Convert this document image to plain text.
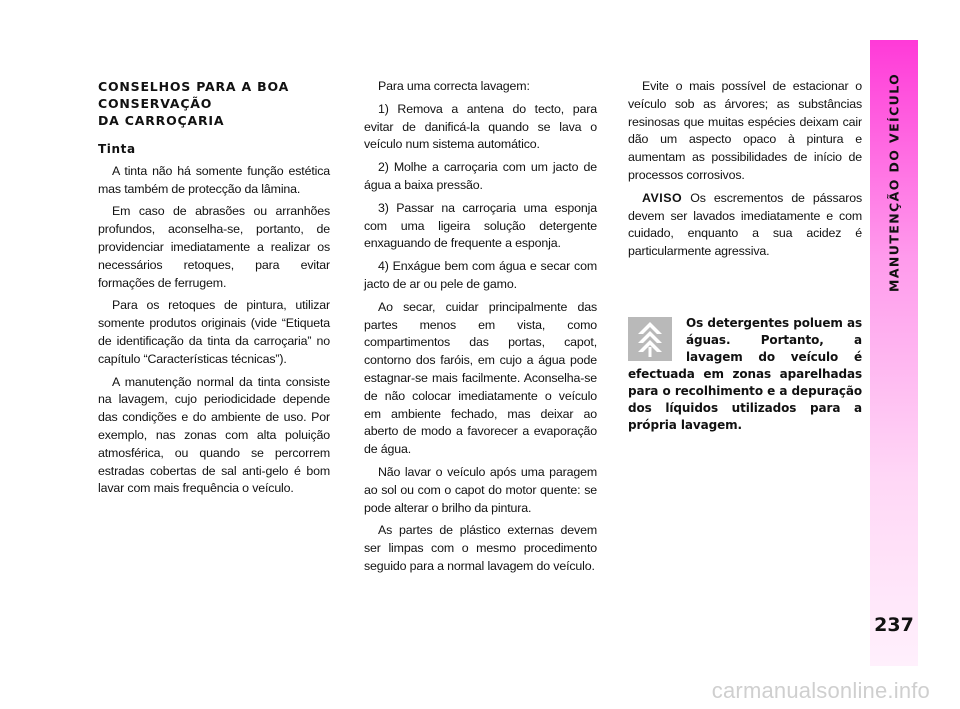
CONSELHOS PARA A BOA
CONSERVAÇÃO
DA CARROÇARIA
Tinta

A tinta não há somente função estética mas também de protecção da lâmina.

Em caso de abrasões ou arranhões profundos, aconselha-se, portanto, de providenciar imediatamente a realizar os necessários retoques, para evitar formações de ferrugem.

Para os retoques de pintura, utilizar somente produtos originais (vide “Etiqueta de identificação da tinta da carroçaria” no capítulo “Características técnicas”).

A manutenção normal da tinta consiste na lavagem, cujo periodicidade depende das condições e do ambiente de uso. Por exemplo, nas zonas com alta poluição atmosférica, ou quando se percorrem estradas cobertas de sal anti-gelo é bom lavar com mais frequência o veículo.

Para uma correcta lavagem:

1) Remova a antena do tecto, para evitar de danificá-la quando se lava o veículo num sistema automático.

2) Molhe a carroçaria com um jacto de água a baixa pressão.

3) Passar na carroçaria uma esponja com uma ligeira solução detergente enxaguando de frequente a esponja.

4) Enxágue bem com água e secar com jacto de ar ou pele de gamo.

Ao secar, cuidar principalmente das partes menos em vista, como compartimentos das portas, capot, contorno dos faróis, em cujo a água pode estagnar-se mais facilmente. Aconselha-se de não colocar imediatamente o veículo em ambiente fechado, mas deixar ao aberto de modo a favorecer a evaporação de água.

Não lavar o veículo após uma paragem ao sol ou com o capot do motor quente: se pode alterar o brilho da pintura.

As partes de plástico externas devem ser limpas com o mesmo procedimento seguido para a normal lavagem do veículo.

Evite o mais possível de estacionar o veículo sob as árvores; as substâncias resinosas que muitas espécies deixam cair dão um aspecto opaco à pintura e aumentam as possibilidades de início de processos corrosivos.

AVISO Os escrementos de pássaros devem ser lavados imediatamente e com cuidado, enquanto a sua acidez é particularmente agressiva.

Os detergentes poluem as águas. Portanto, a lavagem do veículo é efectuada em zonas aparelhadas para o recolhimento e a depuração dos líquidos utilizados para a própria lavagem.
MANUTENÇÃO DO VEÍCULO
237
carmanualsonline.info
